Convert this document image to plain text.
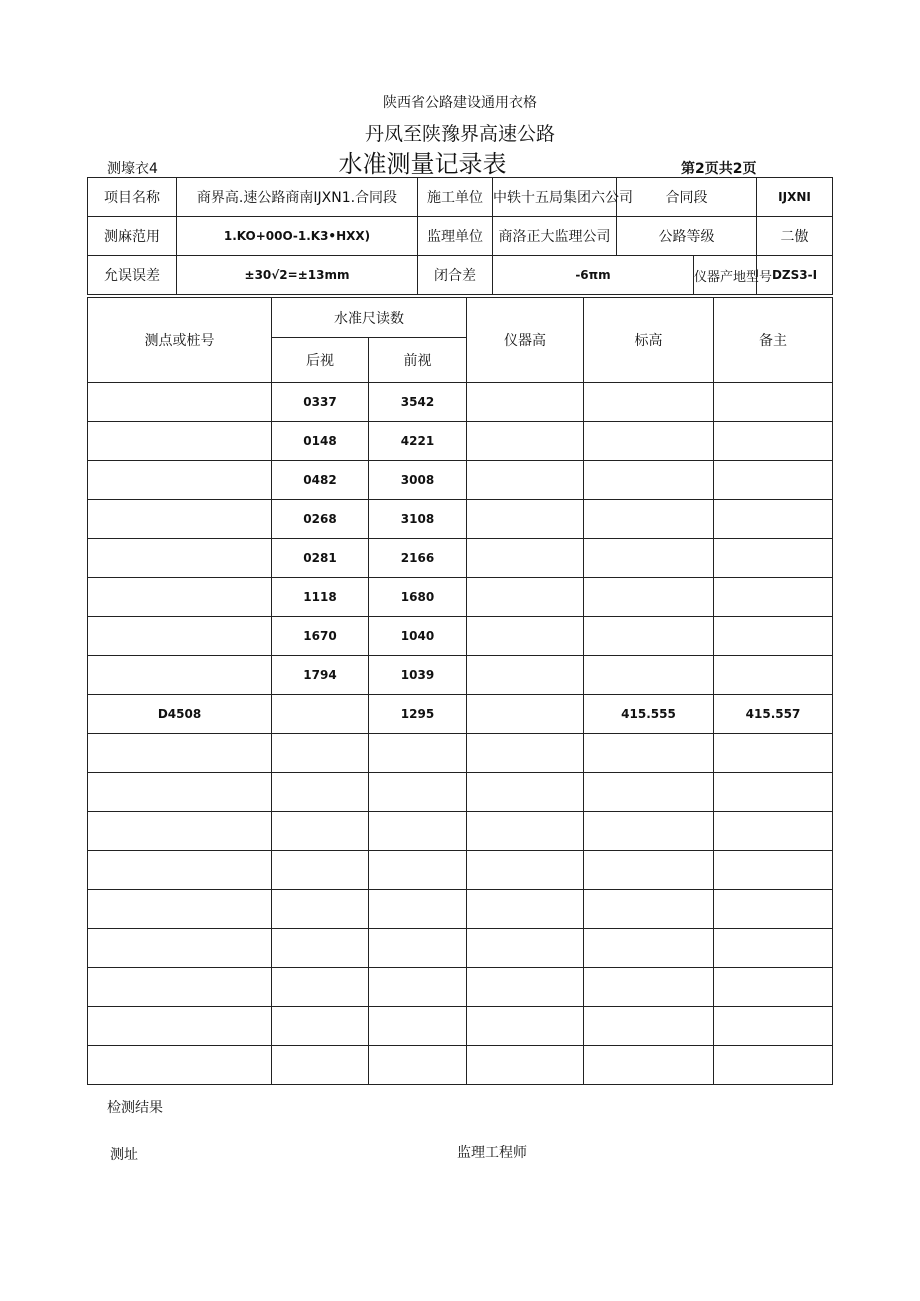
陕西省公路建设通用衣格
丹凤至陕豫界高速公路
测壕衣4	水准测量记录表	第2页共2页
项目名称	商界高.速公路商南IJXN1.合同段	施工单位	中轶十五局集团六公司	合同段		IJXNI
测麻范用	1.KO+00O-1.K3•HXX)	监理单位	商洛正大监理公司	公路等级		二傲
允误误差	±30√2=±13mm	闭合差	-6πm		仪器产地型号	DZS3-I
测点或桩号	水准尺读数		仪器高	标高	备主
	后视	前视			
	0337	3542			
	0148	4221			
	0482	3008			
	0268	3108			
	0281	2166			
	1118	1680			
	1670	1040			
	1794	1039			
D4508		1295		415.555	415.557

检测结果
测址	监理工程师
